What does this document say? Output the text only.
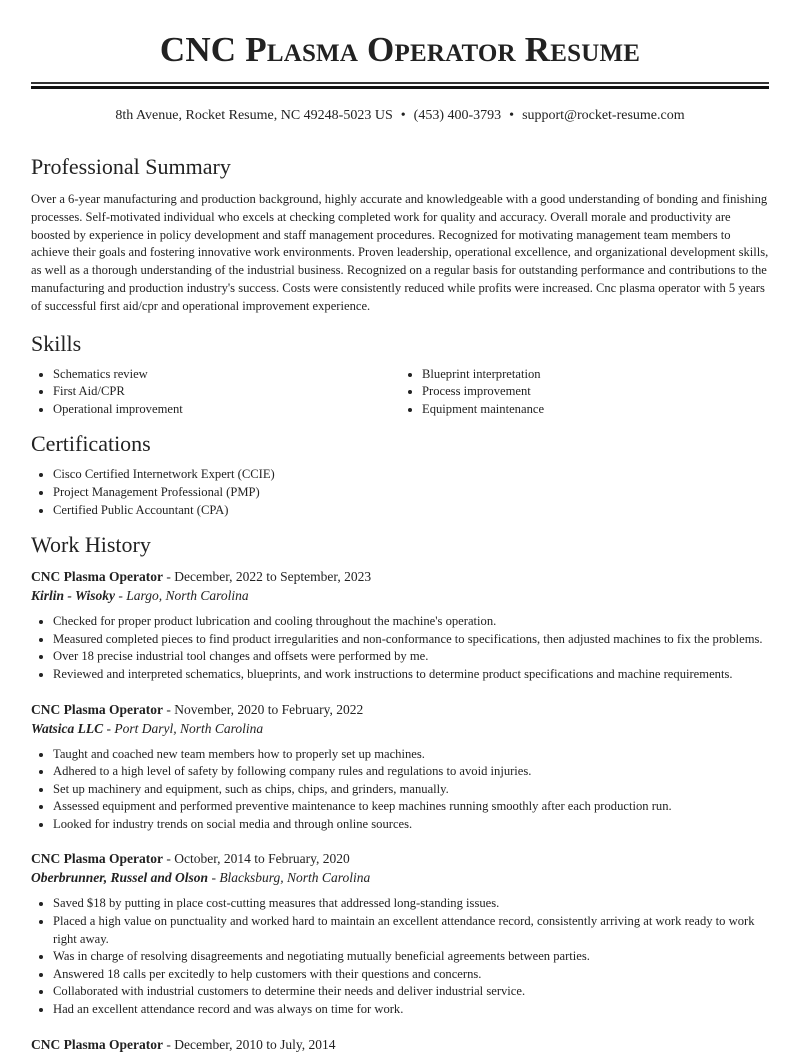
CNC Plasma Operator Resume
8th Avenue, Rocket Resume, NC 49248-5023 US • (453) 400-3793 • support@rocket-resume.com
Professional Summary

Over a 6-year manufacturing and production background, highly accurate and knowledgeable with a good understanding of bonding and finishing processes. Self-motivated individual who excels at checking completed work for quality and accuracy. Overall morale and productivity are boosted by experience in policy development and staff management procedures. Recognized for motivating management team members to achieve their goals and fostering innovative work environments. Proven leadership, operational excellence, and organizational development skills, as well as a thorough understanding of the industrial business. Recognized on a regular basis for outstanding performance and contributions to the manufacturing and production industry's success. Costs were consistently reduced while profits were increased. Cnc plasma operator with 5 years of successful first aid/cpr and operational improvement experience.

Skills
• Schematics review
• First Aid/CPR
• Operational improvement
• Blueprint interpretation
• Process improvement
• Equipment maintenance
Certifications
• Cisco Certified Internetwork Expert (CCIE)
• Project Management Professional (PMP)
• Certified Public Accountant (CPA)
Work History
CNC Plasma Operator - December, 2022 to September, 2023
Kirlin - Wisoky - Largo, North Carolina
• Checked for proper product lubrication and cooling throughout the machine's operation.
• Measured completed pieces to find product irregularities and non-conformance to specifications, then adjusted machines to fix the problems.
• Over 18 precise industrial tool changes and offsets were performed by me.
• Reviewed and interpreted schematics, blueprints, and work instructions to determine product specifications and machine requirements.
CNC Plasma Operator - November, 2020 to February, 2022
Watsica LLC - Port Daryl, North Carolina
• Taught and coached new team members how to properly set up machines.
• Adhered to a high level of safety by following company rules and regulations to avoid injuries.
• Set up machinery and equipment, such as chips, chips, and grinders, manually.
• Assessed equipment and performed preventive maintenance to keep machines running smoothly after each production run.
• Looked for industry trends on social media and through online sources.
CNC Plasma Operator - October, 2014 to February, 2020
Oberbrunner, Russel and Olson - Blacksburg, North Carolina
• Saved $18 by putting in place cost-cutting measures that addressed long-standing issues.
• Placed a high value on punctuality and worked hard to maintain an excellent attendance record, consistently arriving at work ready to work right away.
• Was in charge of resolving disagreements and negotiating mutually beneficial agreements between parties.
• Answered 18 calls per excitedly to help customers with their questions and concerns.
• Collaborated with industrial customers to determine their needs and deliver industrial service.
• Had an excellent attendance record and was always on time for work.
CNC Plasma Operator - December, 2010 to July, 2014
